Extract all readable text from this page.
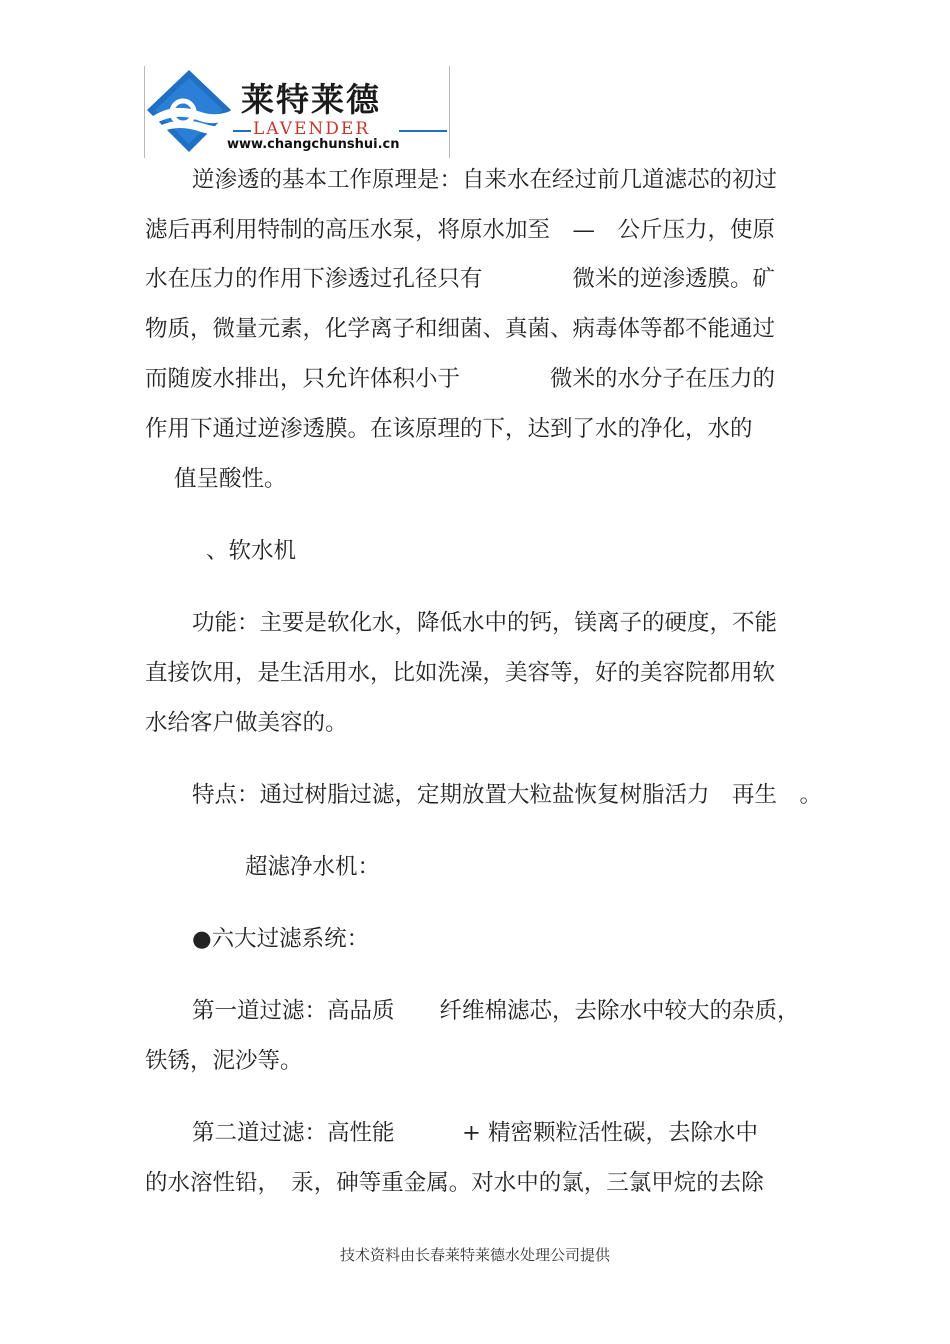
莱特莱德
LAVENDER
www.changchunshui.cn
逆渗透的基本工作原理是：自来水在经过前几道滤芯的初过
滤后再利用特制的高压水泵，将原水加至　—　公斤压力，使原
水在压力的作用下渗透过孔径只有　　　　微米的逆渗透膜。矿
物质，微量元素，化学离子和细菌、真菌、病毒体等都不能通过
而随废水排出，只允许体积小于　　　　微米的水分子在压力的
作用下通过逆渗透膜。在该原理的下，达到了水的净化，水的
值呈酸性。
、软水机
功能：主要是软化水，降低水中的钙，镁离子的硬度，不能
直接饮用，是生活用水，比如洗澡，美容等，好的美容院都用软
水给客户做美容的。
特点：通过树脂过滤，定期放置大粒盐恢复树脂活力　再生　。
超滤净水机：
●六大过滤系统：
第一道过滤：高品质　　纤维棉滤芯，去除水中较大的杂质，
铁锈，泥沙等。
第二道过滤：高性能　　　+ 精密颗粒活性碳，去除水中
的水溶性铅，　汞，砷等重金属。对水中的氯，三氯甲烷的去除
技术资料由长春莱特莱德水处理公司提供
